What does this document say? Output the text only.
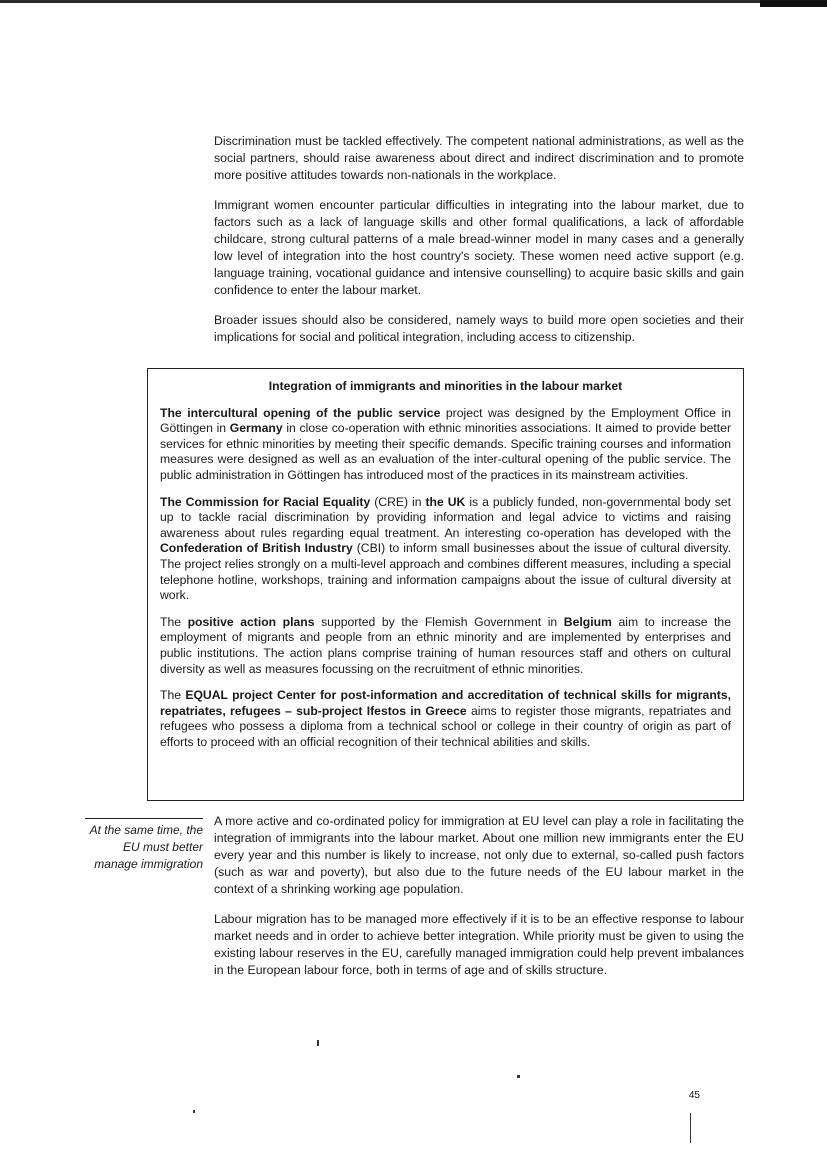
Discrimination must be tackled effectively. The competent national administrations, as well as the social partners, should raise awareness about direct and indirect discrimination and to promote more positive attitudes towards non-nationals in the workplace.

Immigrant women encounter particular difficulties in integrating into the labour market, due to factors such as a lack of language skills and other formal qualifications, a lack of affordable childcare, strong cultural patterns of a male bread-winner model in many cases and a generally low level of integration into the host country's society. These women need active support (e.g. language training, vocational guidance and intensive counselling) to acquire basic skills and gain confidence to enter the labour market.

Broader issues should also be considered, namely ways to build more open societies and their implications for social and political integration, including access to citizenship.

Integration of immigrants and minorities in the labour market

The intercultural opening of the public service project was designed by the Employment Office in Göttingen in Germany in close co-operation with ethnic minorities associations. It aimed to provide better services for ethnic minorities by meeting their specific demands. Specific training courses and information measures were designed as well as an evaluation of the inter-cultural opening of the public service. The public administration in Göttingen has introduced most of the practices in its mainstream activities.

The Commission for Racial Equality (CRE) in the UK is a publicly funded, non-governmental body set up to tackle racial discrimination by providing information and legal advice to victims and raising awareness about rules regarding equal treatment. An interesting co-operation has developed with the Confederation of British Industry (CBI) to inform small businesses about the issue of cultural diversity. The project relies strongly on a multi-level approach and combines different measures, including a special telephone hotline, workshops, training and information campaigns about the issue of cultural diversity at work.

The positive action plans supported by the Flemish Government in Belgium aim to increase the employment of migrants and people from an ethnic minority and are implemented by enterprises and public institutions. The action plans comprise training of human resources staff and others on cultural diversity as well as measures focussing on the recruitment of ethnic minorities.

The EQUAL project Center for post-information and accreditation of technical skills for migrants, repatriates, refugees – sub-project Ifestos in Greece aims to register those migrants, repatriates and refugees who possess a diploma from a technical school or college in their country of origin as part of efforts to proceed with an official recognition of their technical abilities and skills.

At the same time, the EU must better manage immigration

A more active and co-ordinated policy for immigration at EU level can play a role in facilitating the integration of immigrants into the labour market. About one million new immigrants enter the EU every year and this number is likely to increase, not only due to external, so-called push factors (such as war and poverty), but also due to the future needs of the EU labour market in the context of a shrinking working age population.

Labour migration has to be managed more effectively if it is to be an effective response to labour market needs and in order to achieve better integration. While priority must be given to using the existing labour reserves in the EU, carefully managed immigration could help prevent imbalances in the European labour force, both in terms of age and of skills structure.

45
